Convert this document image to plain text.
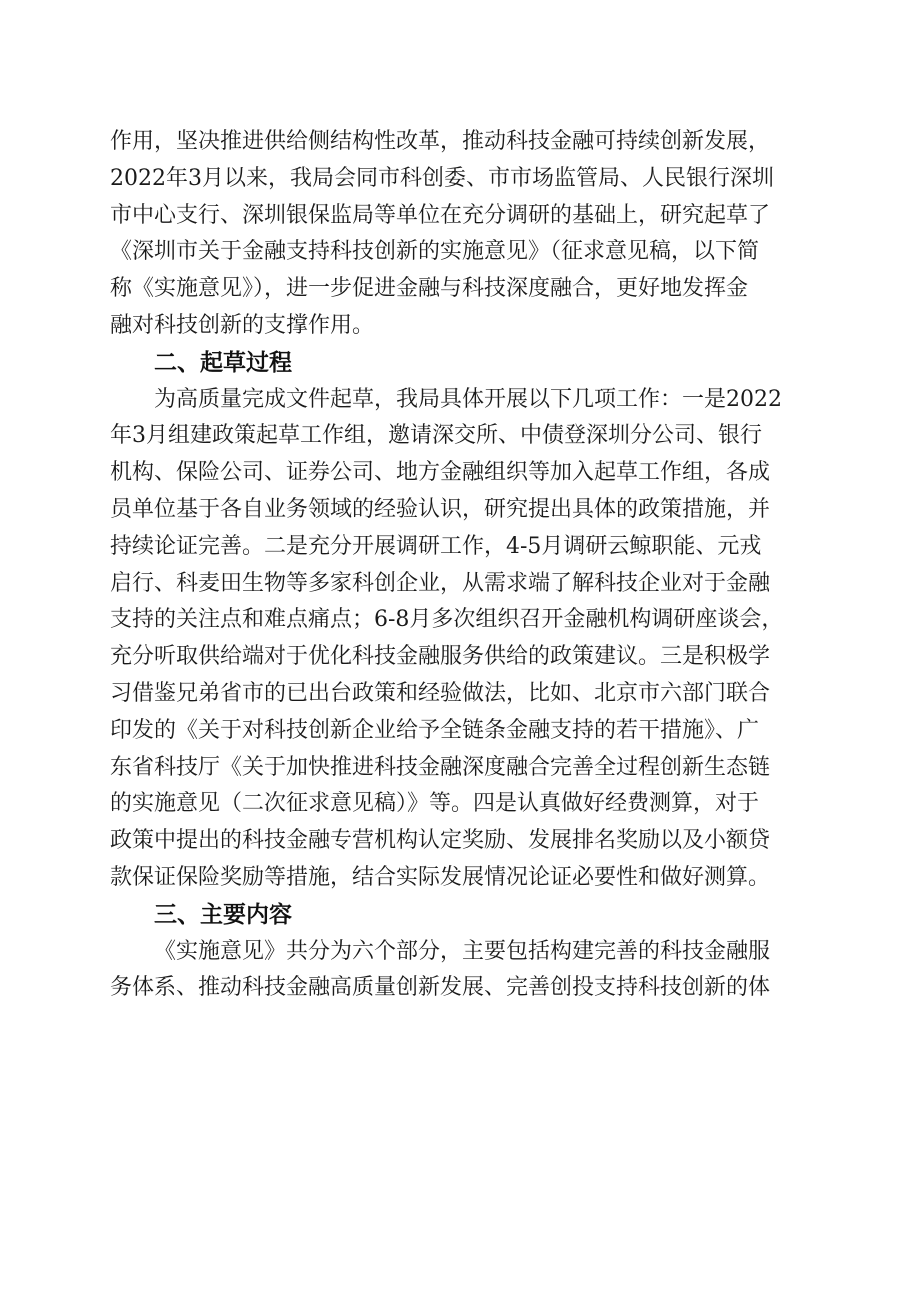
作用，坚决推进供给侧结构性改革，推动科技金融可持续创新发展，
2022年3月以来，我局会同市科创委、市市场监管局、人民银行深圳
市中心支行、深圳银保监局等单位在充分调研的基础上，研究起草了
《深圳市关于金融支持科技创新的实施意见》（征求意见稿，以下简
称《实施意见》），进一步促进金融与科技深度融合，更好地发挥金
融对科技创新的支撑作用。
二、起草过程
为高质量完成文件起草，我局具体开展以下几项工作：一是2022
年3月组建政策起草工作组，邀请深交所、中债登深圳分公司、银行
机构、保险公司、证券公司、地方金融组织等加入起草工作组，各成
员单位基于各自业务领域的经验认识，研究提出具体的政策措施，并
持续论证完善。二是充分开展调研工作，4-5月调研云鲸职能、元戎
启行、科麦田生物等多家科创企业，从需求端了解科技企业对于金融
支持的关注点和难点痛点；6-8月多次组织召开金融机构调研座谈会，
充分听取供给端对于优化科技金融服务供给的政策建议。三是积极学
习借鉴兄弟省市的已出台政策和经验做法，比如、北京市六部门联合
印发的《关于对科技创新企业给予全链条金融支持的若干措施》、广
东省科技厅《关于加快推进科技金融深度融合完善全过程创新生态链
的实施意见（二次征求意见稿）》等。四是认真做好经费测算，对于
政策中提出的科技金融专营机构认定奖励、发展排名奖励以及小额贷
款保证保险奖励等措施，结合实际发展情况论证必要性和做好测算。
三、主要内容
《实施意见》共分为六个部分，主要包括构建完善的科技金融服
务体系、推动科技金融高质量创新发展、完善创投支持科技创新的体
